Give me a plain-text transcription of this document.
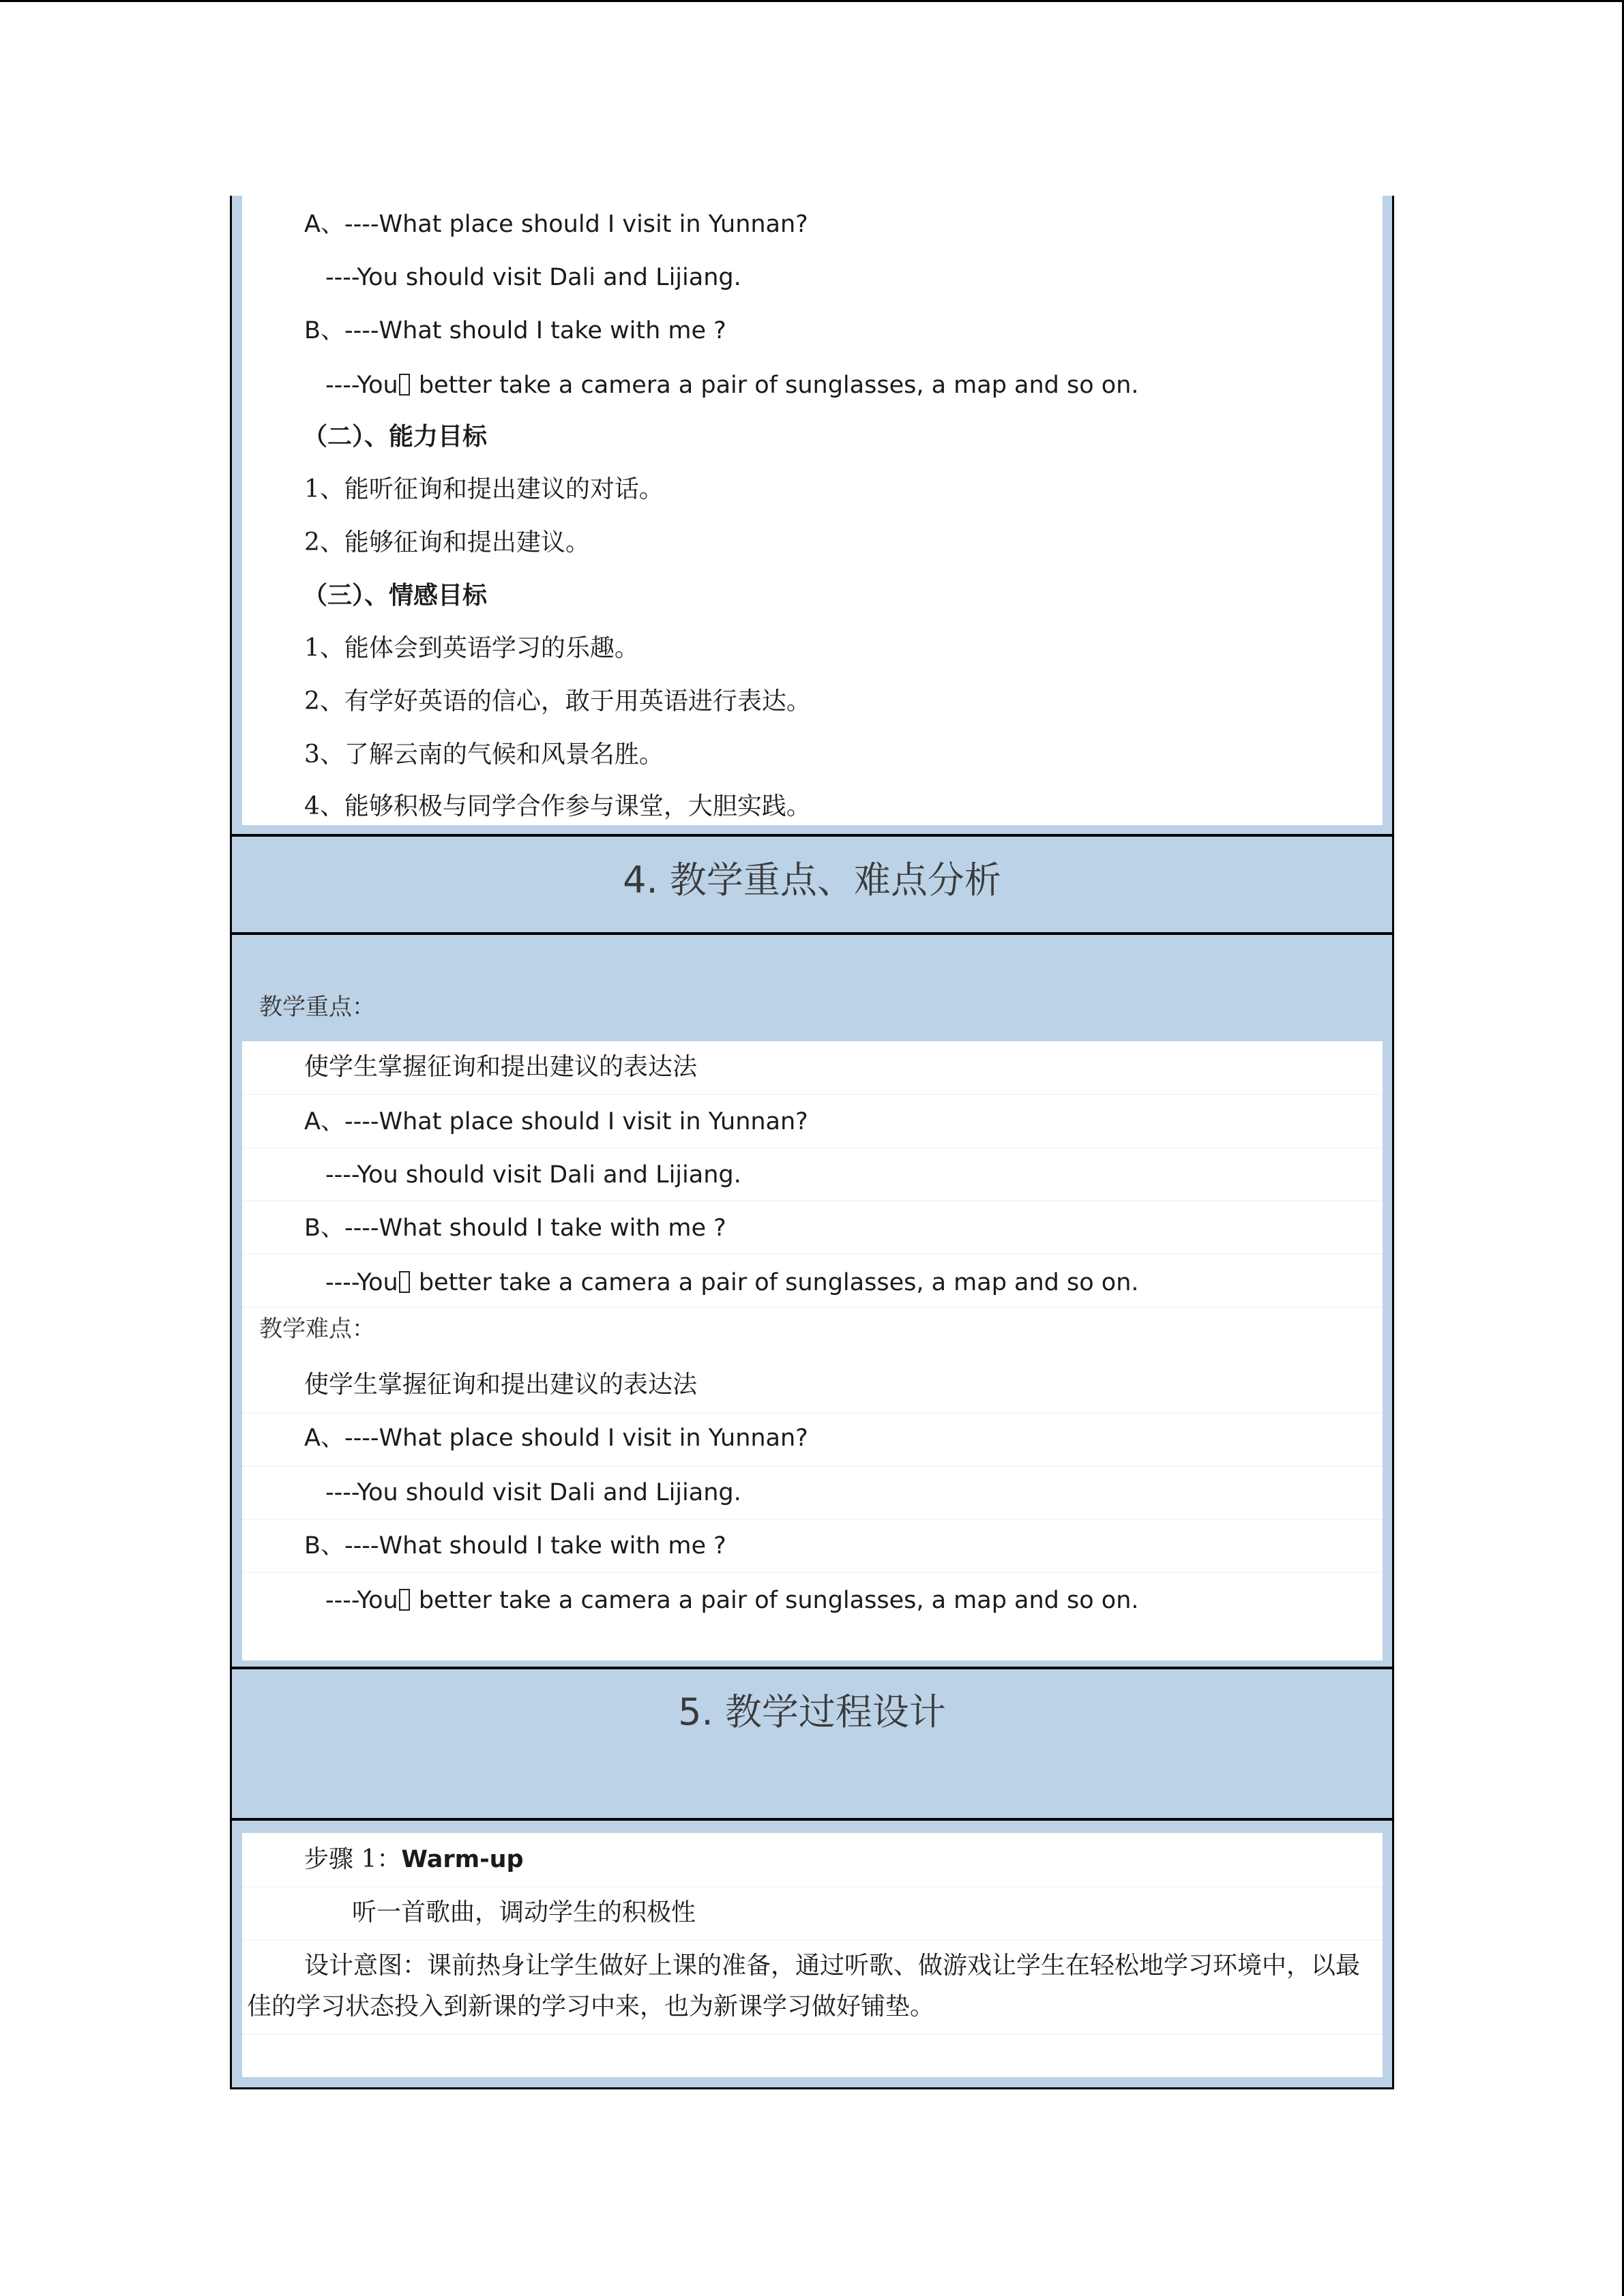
A、----What place should I visit in Yunnan?
----You should visit Dali and Lijiang.
B、----What should I take with me ?
----You better take a camera a pair of sunglasses, a map and so on.
（二）、能力目标
1、能听征询和提出建议的对话。
2、能够征询和提出建议。
（三）、情感目标
1、能体会到英语学习的乐趣。
2、有学好英语的信心，敢于用英语进行表达。
3、了解云南的气候和风景名胜。
4、能够积极与同学合作参与课堂，大胆实践。
4. 教学重点、难点分析
教学重点：
使学生掌握征询和提出建议的表达法
A、----What place should I visit in Yunnan?
----You should visit Dali and Lijiang.
B、----What should I take with me ?
----You better take a camera a pair of sunglasses, a map and so on.
教学难点：
使学生掌握征询和提出建议的表达法
A、----What place should I visit in Yunnan?
----You should visit Dali and Lijiang.
B、----What should I take with me ?
----You better take a camera a pair of sunglasses, a map and so on.
5. 教学过程设计
步骤 1：Warm-up
听一首歌曲，调动学生的积极性
设计意图：课前热身让学生做好上课的准备，通过听歌、做游戏让学生在轻松地学习环境中，以最
佳的学习状态投入到新课的学习中来，也为新课学习做好铺垫。
